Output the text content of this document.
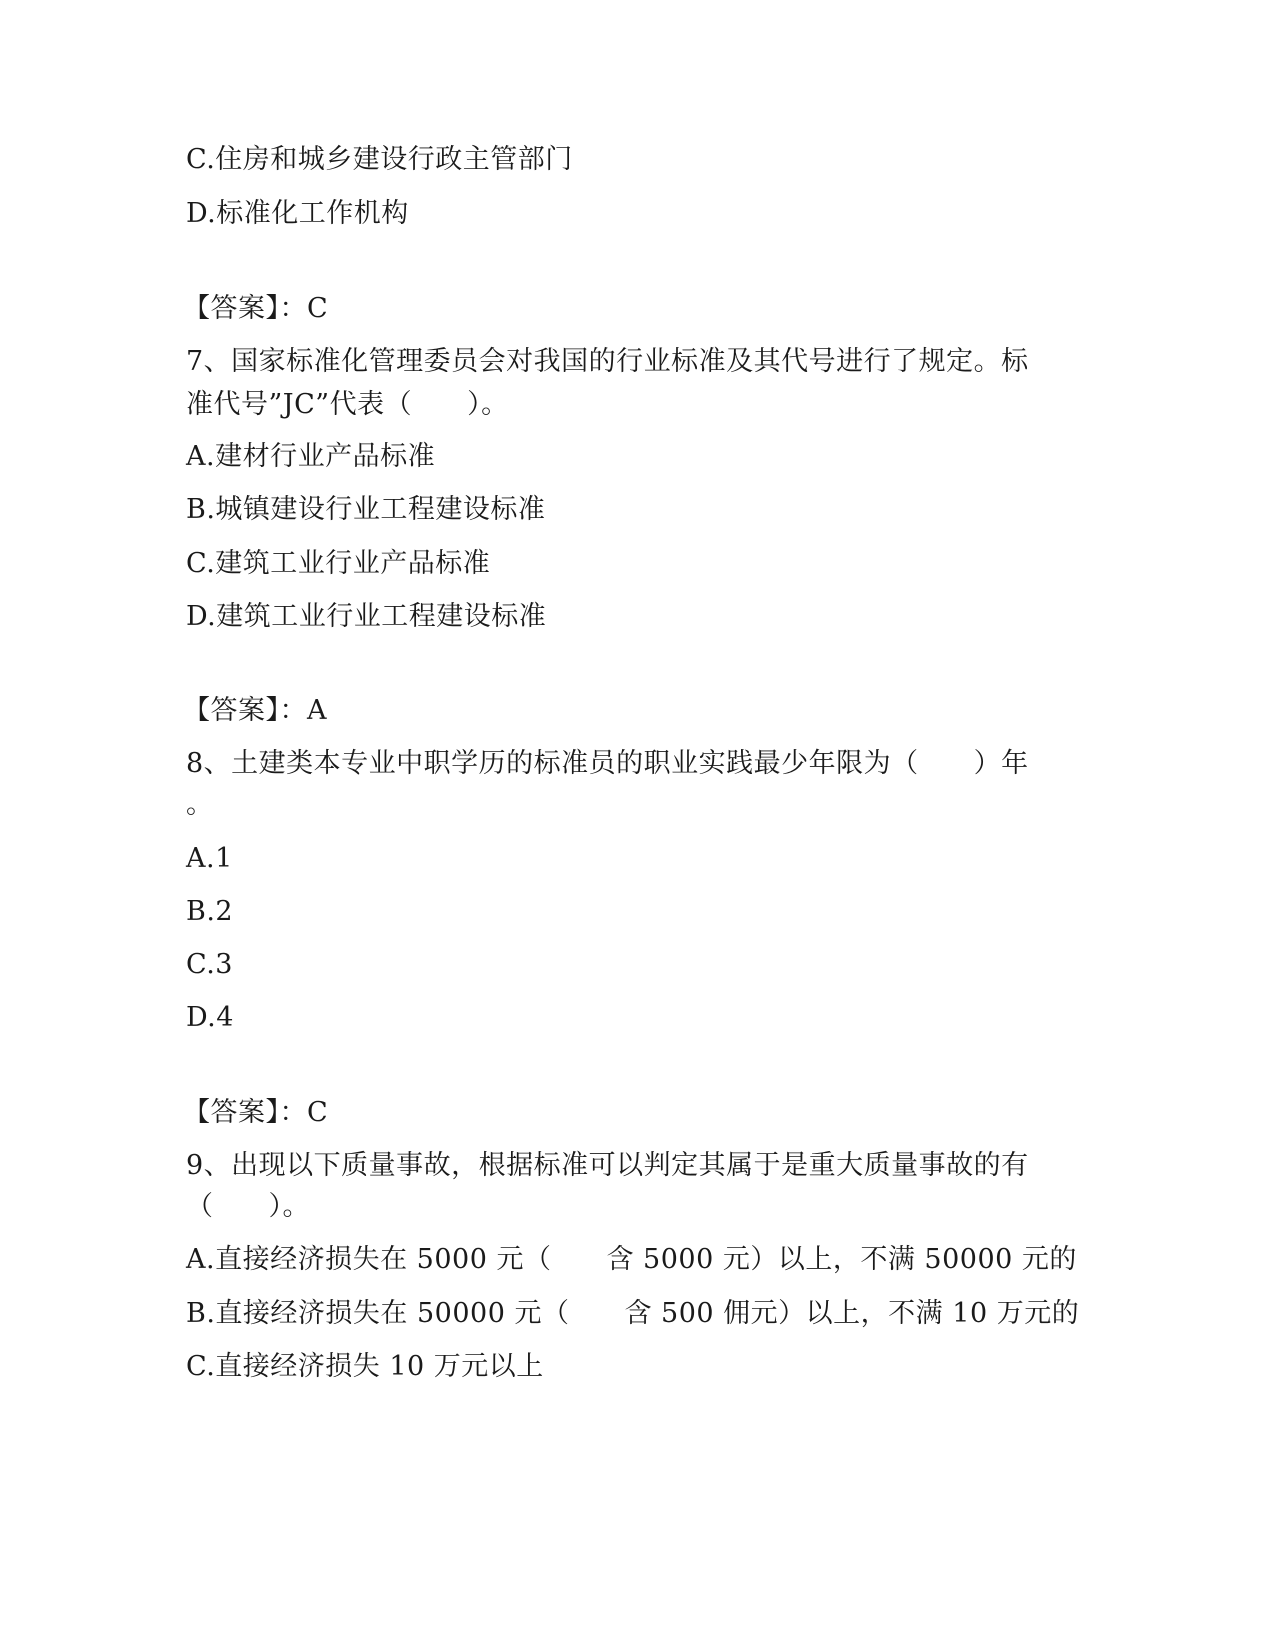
C.住房和城乡建设行政主管部门
D.标准化工作机构
【答案】：C
7、国家标准化管理委员会对我国的行业标准及其代号进行了规定。标
准代号”JC”代表（　　）。
A.建材行业产品标准
B.城镇建设行业工程建设标准
C.建筑工业行业产品标准
D.建筑工业行业工程建设标准
【答案】：A
8、土建类本专业中职学历的标准员的职业实践最少年限为（　　）年
。
A.1
B.2
C.3
D.4
【答案】：C
9、出现以下质量事故，根据标准可以判定其属于是重大质量事故的有
（　　）。
A.直接经济损失在 5000 元（　　含 5000 元）以上，不满 50000 元的
B.直接经济损失在 50000 元（　　含 500 佣元）以上，不满 10 万元的
C.直接经济损失 10 万元以上
